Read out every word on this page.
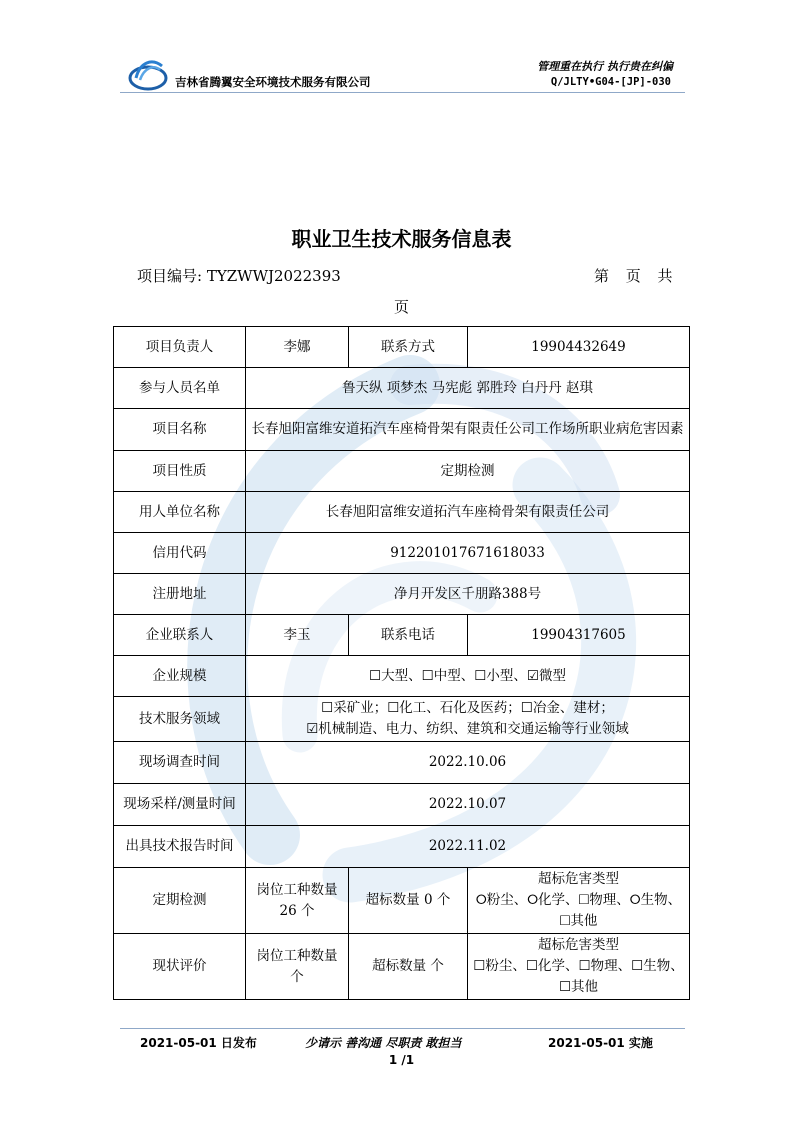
吉林省腾翼安全环境技术服务有限公司
管理重在执行 执行贵在纠偏
Q/JLTY•G04-[JP]-030
职业卫生技术服务信息表
项目编号: TYZWWJ2022393	第 页 共
页
项目负责人	李娜	联系方式	19904432649
参与人员名单	鲁天纵 项梦杰 马宪彪 郭胜玲 白丹丹 赵琪		
项目名称	长春旭阳富维安道拓汽车座椅骨架有限责任公司工作场所职业病危害因素		
项目性质	定期检测		
用人单位名称	长春旭阳富维安道拓汽车座椅骨架有限责任公司		
信用代码	912201017671618033		
注册地址	净月开发区千朋路388号		
企业联系人	李玉	联系电话	19904317605
企业规模	☐大型、☐中型、☐小型、☑微型		
技术服务领域	☐采矿业；☐化工、石化及医药；☐冶金、建材；
☑机械制造、电力、纺织、建筑和交通运输等行业领域		

现场调查时间	2022.10.06		
现场采样/测量时间	2022.10.07		
出具技术报告时间	2022.11.02		
定期检测	岗位工种数量 26 个	超标数量 0 个	超标危害类型
⭘粉尘、⭘化学、☐物理、⭘生物、☐其他

现状评价	岗位工种数量 个	超标数量 个	超标危害类型
☐粉尘、☐化学、☐物理、☐生物、☐其他
2021-05-01 日发布	少请示 善沟通 尽职责 敢担当	2021-05-01 实施
1 /1
